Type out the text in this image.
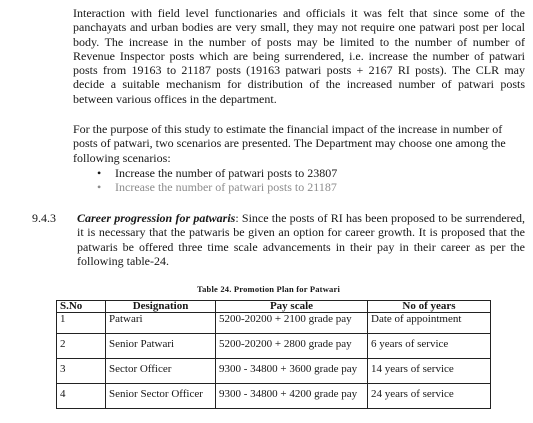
Interaction with field level functionaries and officials it was felt that since some of the panchayats and urban bodies are very small, they may not require one patwari post per local body. The increase in the number of posts may be limited to the number of number of Revenue Inspector posts which are being surrendered, i.e. increase the number of patwari posts from 19163 to 21187 posts (19163 patwari posts + 2167 RI posts). The CLR may decide a suitable mechanism for distribution of the increased number of patwari posts between various offices in the department.
For the purpose of this study to estimate the financial impact of the increase in number of posts of patwari, two scenarios are presented. The Department may choose one among the following scenarios:
• Increase the number of patwari posts to 23807
• Increase the number of patwari posts to 21187
9.4.3 Career progression for patwaris: Since the posts of RI has been proposed to be surrendered, it is necessary that the patwaris be given an option for career growth. It is proposed that the patwaris be offered three time scale advancements in their pay in their career as per the following table-24.
Table 24. Promotion Plan for Patwari
S.No	Designation	Pay scale	No of years
1	Patwari	5200-20200 + 2100 grade pay	Date of appointment
2	Senior Patwari	5200-20200 + 2800 grade pay	6 years of service
3	Sector Officer	9300 - 34800 + 3600 grade pay	14 years of service
4	Senior Sector Officer	9300 - 34800 + 4200 grade pay	24 years of service
